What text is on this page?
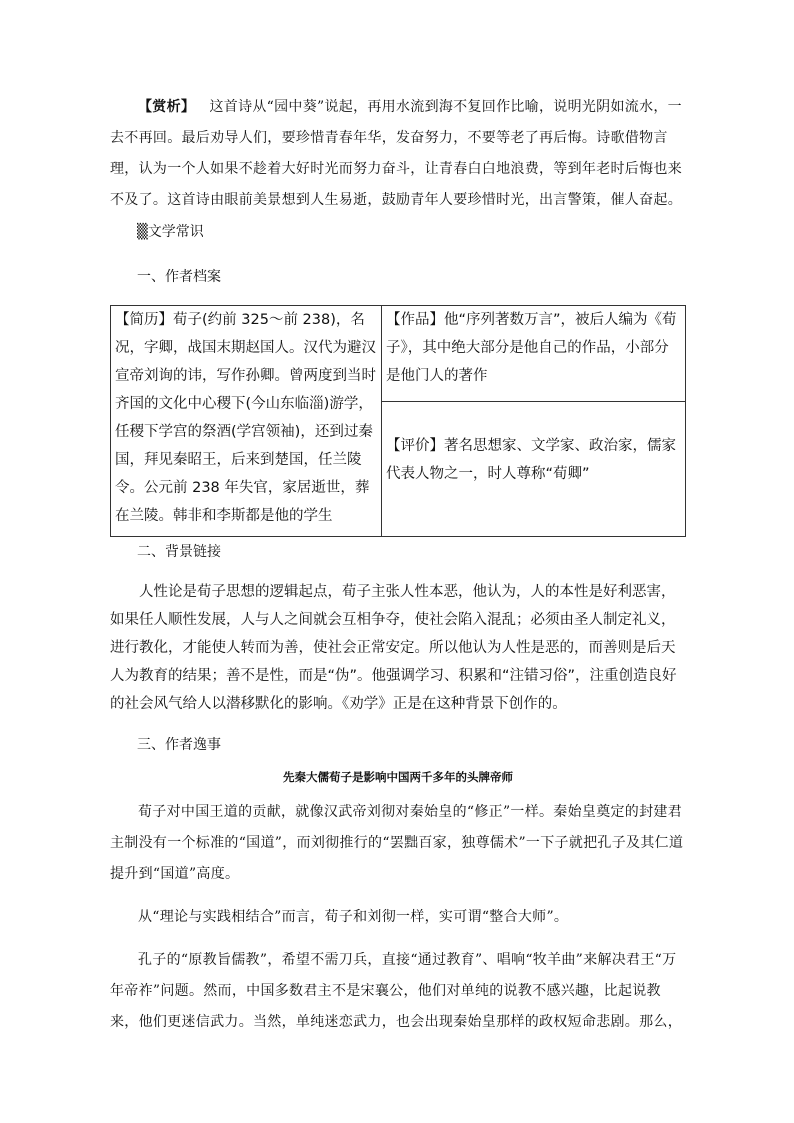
【赏析】 这首诗从“园中葵”说起，再用水流到海不复回作比喻，说明光阴如流水，一去不再回。最后劝导人们，要珍惜青春年华，发奋努力，不要等老了再后悔。诗歌借物言理，认为一个人如果不趁着大好时光而努力奋斗，让青春白白地浪费，等到年老时后悔也来不及了。这首诗由眼前美景想到人生易逝，鼓励青年人要珍惜时光，出言警策，催人奋起。
▒文学常识
一、作者档案
【简历】荀子(约前 325～前 238)，名况，字卿，战国末期赵国人。汉代为避汉宣帝刘询的讳，写作孙卿。曾两度到当时齐国的文化中心稷下(今山东临淄)游学，任稷下学宫的祭酒(学宫领袖)，还到过秦国，拜见秦昭王，后来到楚国，任兰陵令。公元前 238 年失官，家居逝世，葬在兰陵。韩非和李斯都是他的学生	【作品】他“序列著数万言”，被后人编为《荀子》，其中绝大部分是他自己的作品，小部分是他门人的著作
【评价】著名思想家、文学家、政治家，儒家代表人物之一，时人尊称“荀卿”
二、背景链接
人性论是荀子思想的逻辑起点，荀子主张人性本恶，他认为，人的本性是好利恶害，如果任人顺性发展，人与人之间就会互相争夺，使社会陷入混乱；必须由圣人制定礼义，进行教化，才能使人转而为善，使社会正常安定。所以他认为人性是恶的，而善则是后天人为教育的结果；善不是性，而是“伪”。他强调学习、积累和“注错习俗”，注重创造良好的社会风气给人以潜移默化的影响。《劝学》正是在这种背景下创作的。
三、作者逸事
先秦大儒荀子是影响中国两千多年的头牌帝师
荀子对中国王道的贡献，就像汉武帝刘彻对秦始皇的“修正”一样。秦始皇奠定的封建君主制没有一个标准的“国道”，而刘彻推行的“罢黜百家，独尊儒术”一下子就把孔子及其仁道提升到“国道”高度。
从“理论与实践相结合”而言，荀子和刘彻一样，实可谓“整合大师”。
孔子的“原教旨儒教”，希望不需刀兵，直接“通过教育”、唱响“牧羊曲”来解决君王“万年帝祚”问题。然而，中国多数君主不是宋襄公，他们对单纯的说教不感兴趣，比起说教来，他们更迷信武力。当然，单纯迷恋武力，也会出现秦始皇那样的政权短命悲剧。那么，
